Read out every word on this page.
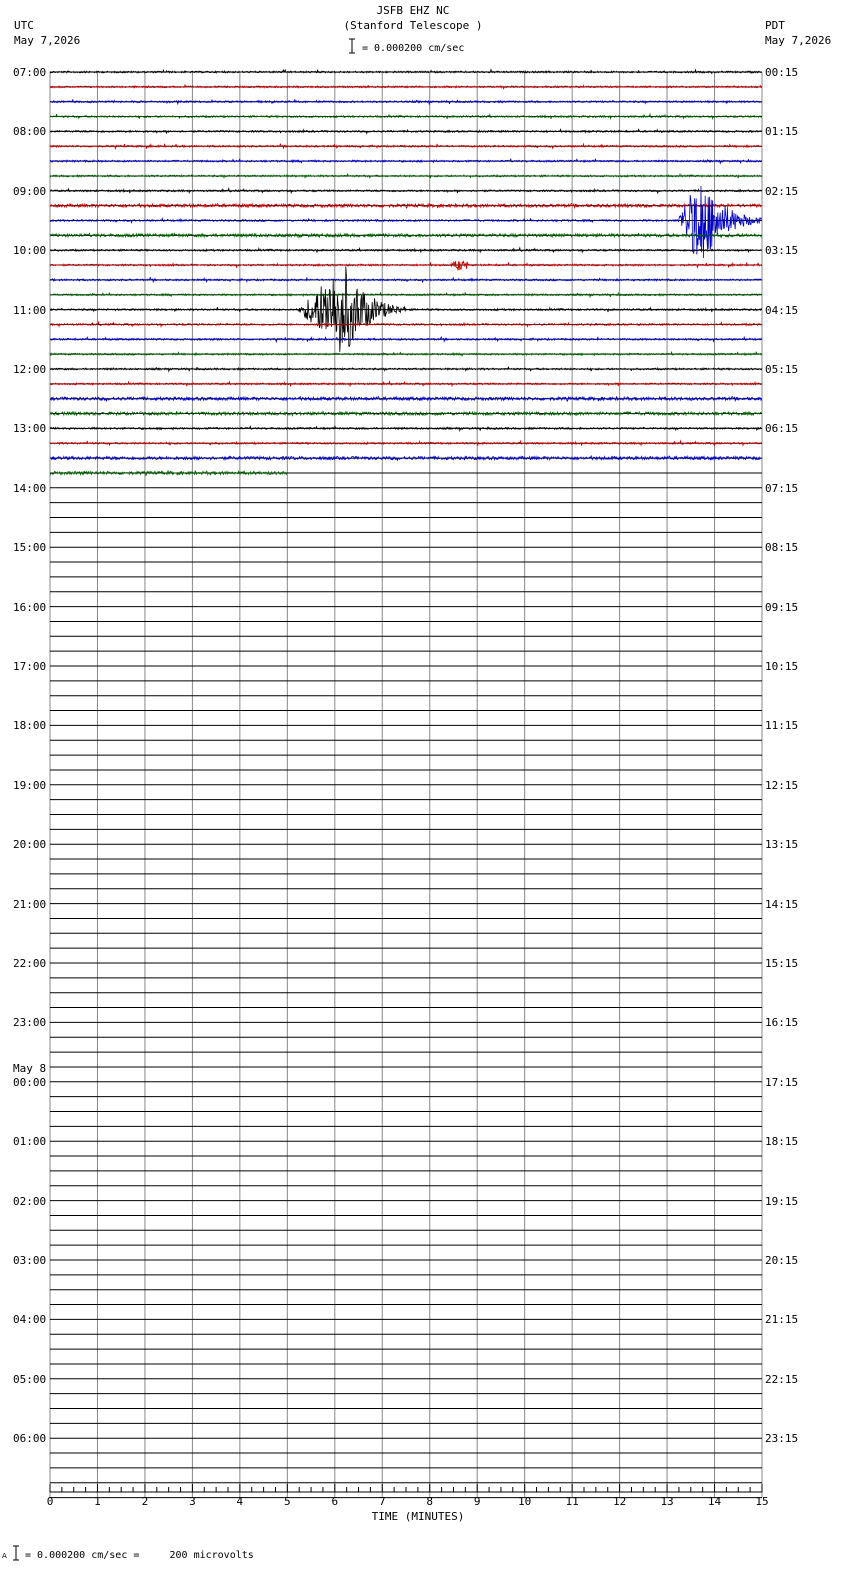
JSFB EHZ NC
(Stanford Telescope )
UTC
May 7,2026
PDT
May 7,2026
= 0.000200 cm/sec
0	1	2	3	4	5	6	7	8	9	10	11	12	13	14	15
07:00
08:00
09:00
10:00
11:00
12:00
13:00
14:00
15:00
16:00
17:00
18:00
19:00
20:00
21:00
22:00
23:00
00:00
May 8
01:00
02:00
03:00
04:00
05:00
06:00
00:15
01:15
02:15
03:15
04:15
05:15
06:15
07:15
08:15
09:15
10:15
11:15
12:15
13:15
14:15
15:15
16:15
17:15
18:15
19:15
20:15
21:15
22:15
23:15
TIME (MINUTES)
A = 0.000200 cm/sec =     200 microvolts
